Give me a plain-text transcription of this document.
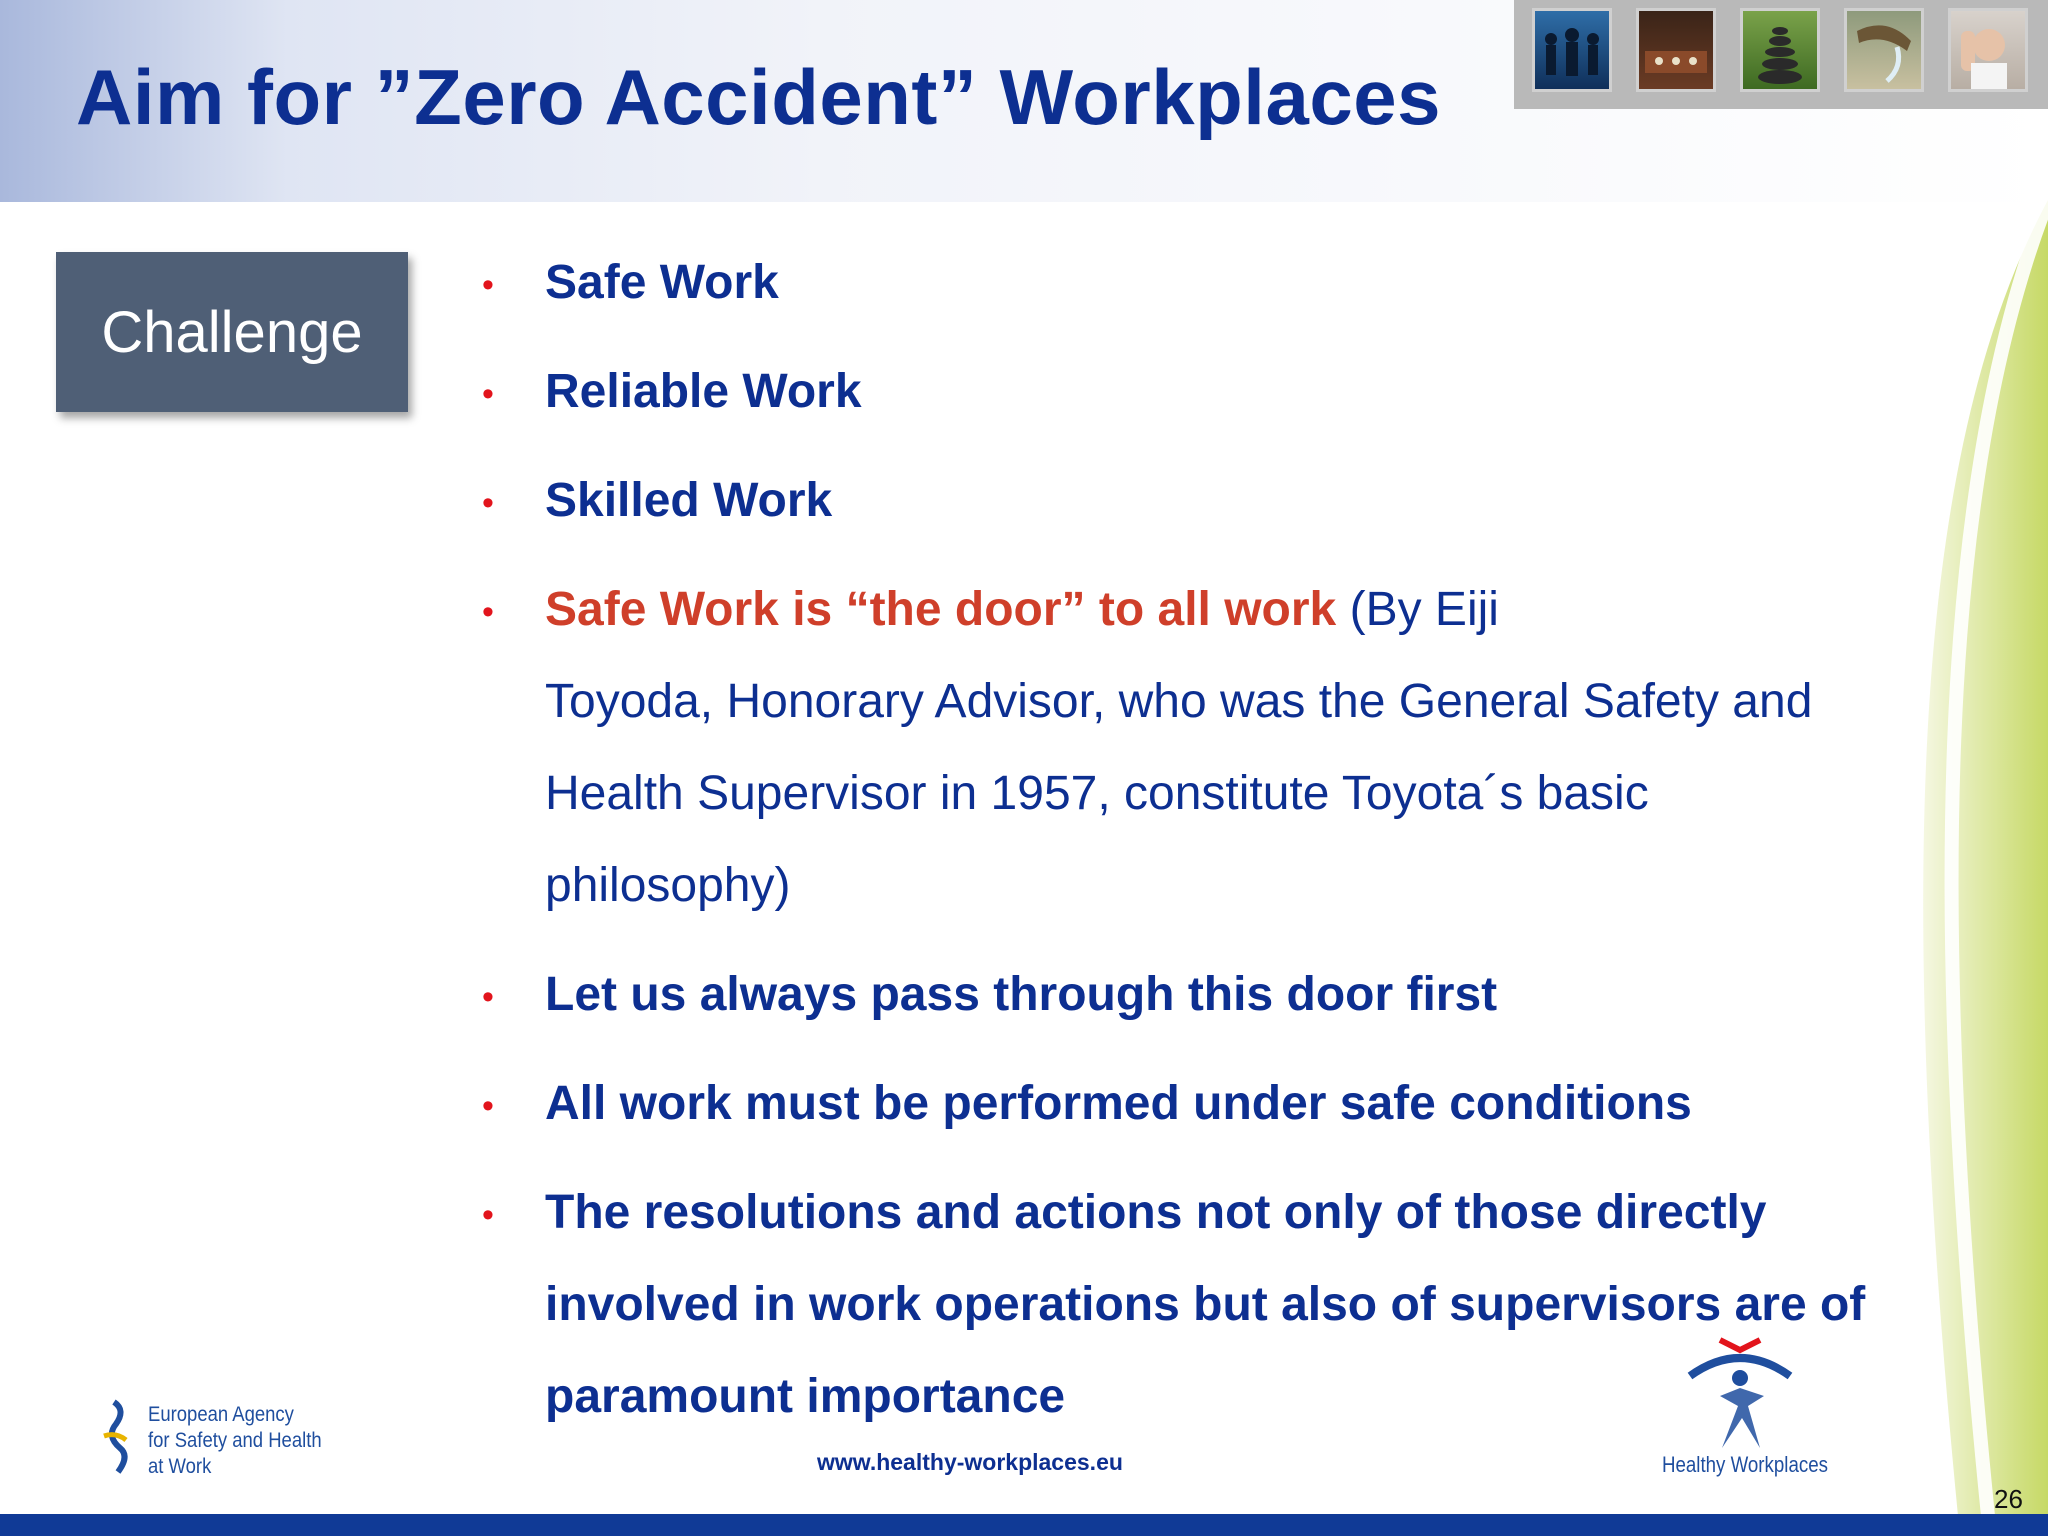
Aim for ”Zero Accident” Workplaces
Challenge
• Safe Work
• Reliable Work
• Skilled Work
• Safe Work is “the door” to all work (By Eiji
Toyoda, Honorary Advisor, who was the General Safety and
Health Supervisor in 1957, constitute Toyota´s basic
philosophy)
• Let us always pass through this door first
• All work must be performed under safe conditions
• The resolutions and actions not only of those directly
involved in work operations but also of supervisors are of
paramount importance
European Agency
for Safety and Health
at Work	www.healthy-workplaces.eu	Healthy Workplaces
26
